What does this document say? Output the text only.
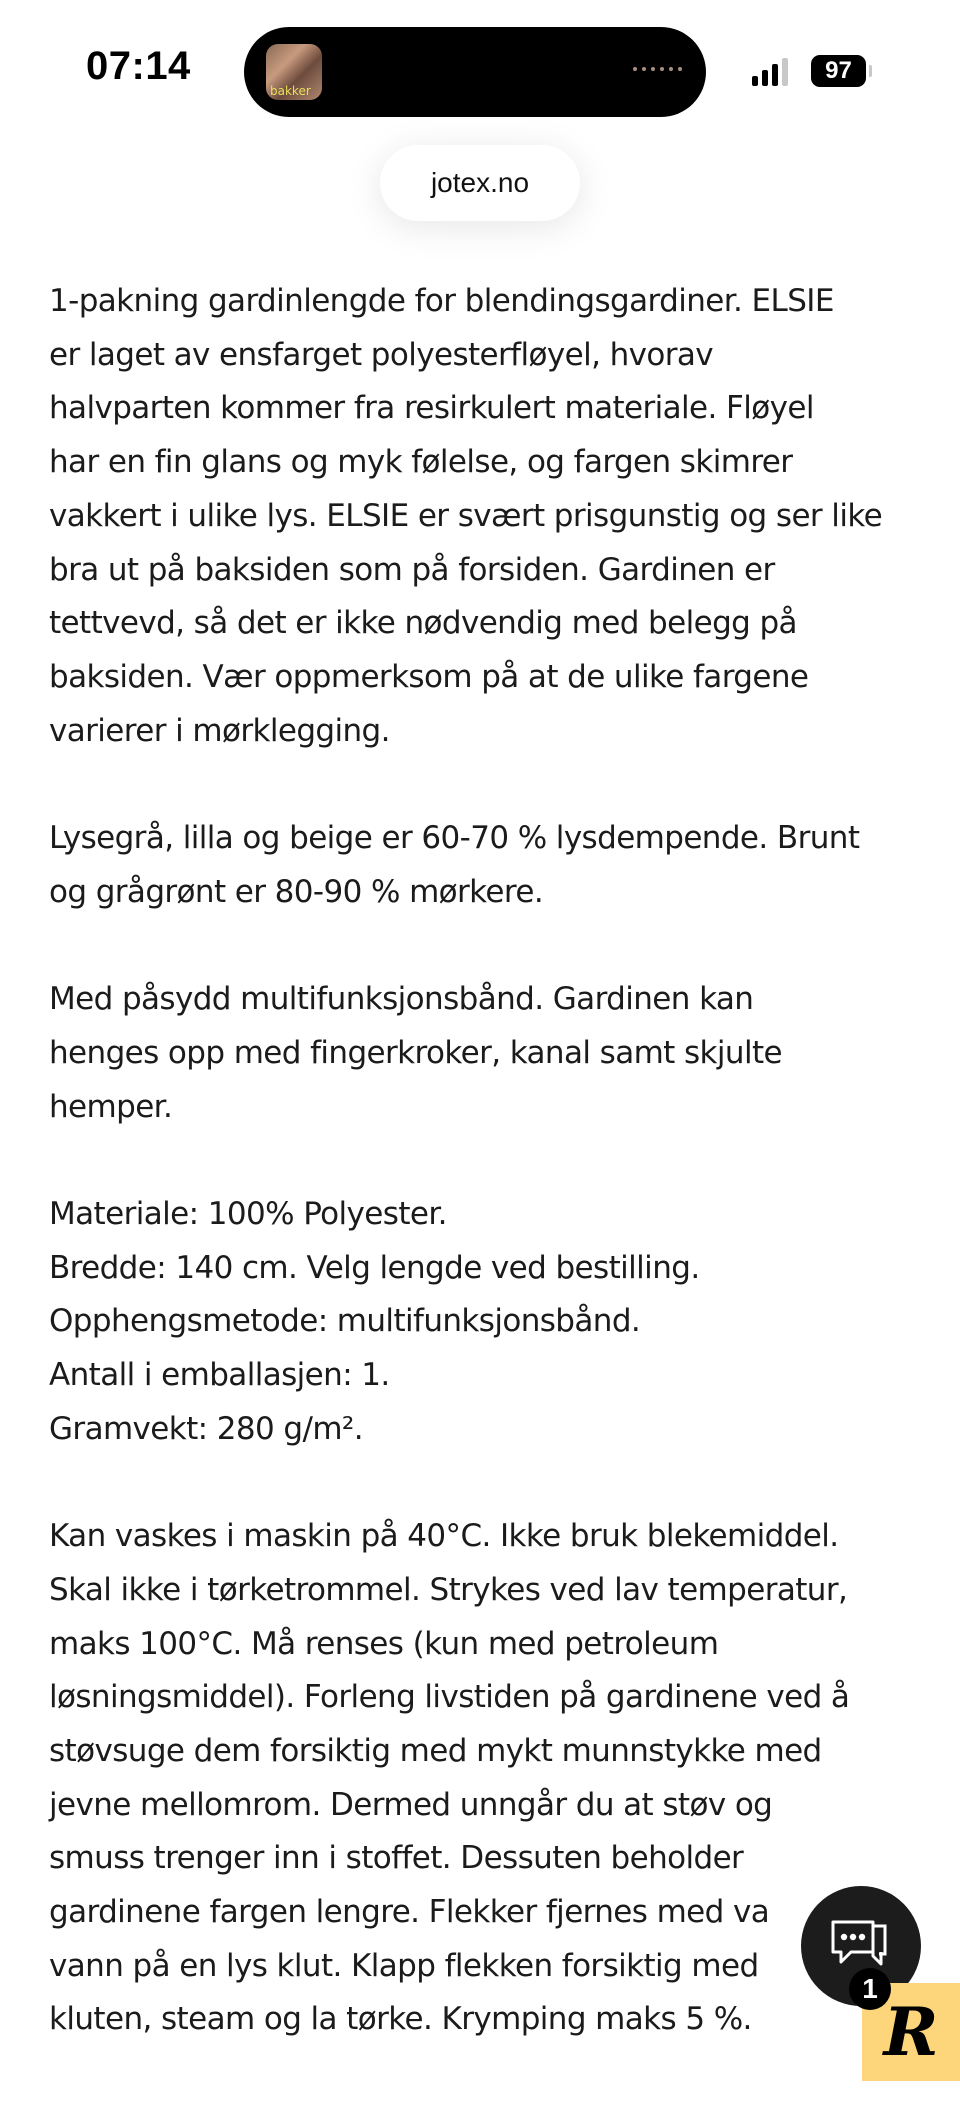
07:14
bakker
97
jotex.no
1-pakning gardinlengde for blendingsgardiner. ELSIE
er laget av ensfarget polyesterfløyel, hvorav
halvparten kommer fra resirkulert materiale. Fløyel
har en fin glans og myk følelse, og fargen skimrer
vakkert i ulike lys. ELSIE er svært prisgunstig og ser like
bra ut på baksiden som på forsiden. Gardinen er
tettvevd, så det er ikke nødvendig med belegg på
baksiden. Vær oppmerksom på at de ulike fargene
varierer i mørklegging.
Lysegrå, lilla og beige er 60-70 % lysdempende. Brunt
og grågrønt er 80-90 % mørkere.
Med påsydd multifunksjonsbånd. Gardinen kan
henges opp med fingerkroker, kanal samt skjulte
hemper.
Materiale: 100% Polyester.
Bredde: 140 cm. Velg lengde ved bestilling.
Opphengsmetode: multifunksjonsbånd.
Antall i emballasjen: 1.
Gramvekt: 280 g/m².
Kan vaskes i maskin på 40°C. Ikke bruk blekemiddel.
Skal ikke i tørketrommel. Strykes ved lav temperatur,
maks 100°C. Må renses (kun med petroleum
løsningsmiddel). Forleng livstiden på gardinene ved å
støvsuge dem forsiktig med mykt munnstykke med
jevne mellomrom. Dermed unngår du at støv og
smuss trenger inn i stoffet. Dessuten beholder
gardinene fargen lengre. Flekker fjernes med va
vann på en lys klut. Klapp flekken forsiktig med
kluten, steam og la tørke. Krymping maks 5 %.
1
R
